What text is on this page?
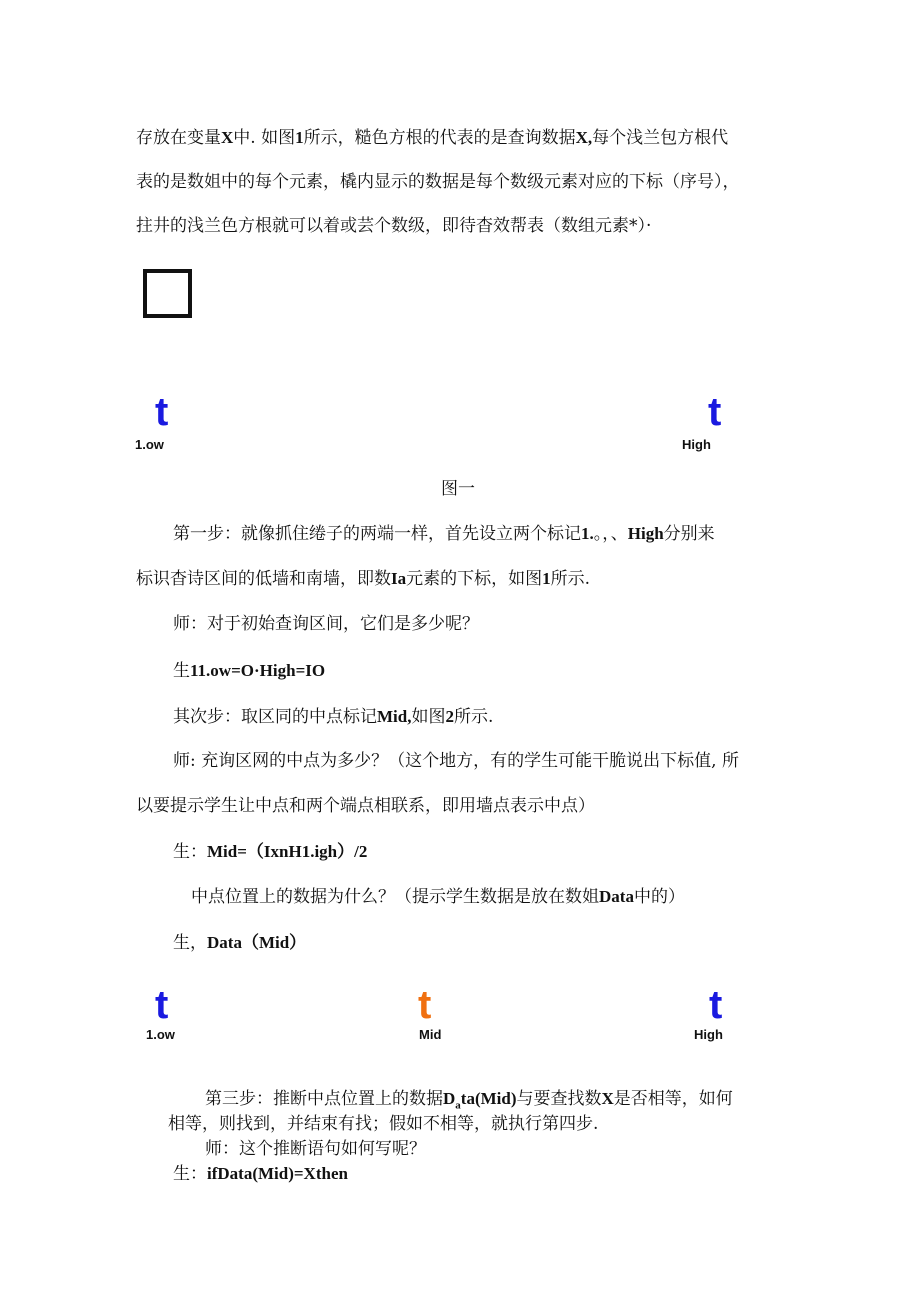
存放在变量X中. 如图1所示，糙色方根的代表的是查询数据X,每个浅兰包方根代
表的是数姐中的每个元素，橇内显示的数据是每个数级元素对应的下标（序号），
拄井的浅兰色方根就可以着或芸个数级，即待杳效帮表（数组元素*）·
t
1.ow
t
High
图一
第一步：就像抓住绻子的两端一样，首先设立两个标记1.。，、High分别来
标识杳诗区间的低墙和南墙，即数Ia元素的下标，如图1所示.
师：对于初始查询区间，它们是多少呢？
生11.ow=O·High=IO
其次步：取区同的中点标记Mid,如图2所示.
师: 充询区网的中点为多少？（这个地方，有的学生可能干脆说出下标值, 所
以要提示学生让中点和两个端点相联系，即用墙点表示中点）
生：Mid=（IxnH1.igh）/2
中点位置上的数据为什么？（提示学生数据是放在数姐Data中的）
生，Data（Mid）
t
1.ow
t
Mid
t
High
第三步：推断中点位置上的数据$D_ata(Mid)$与要查找数X是否相等，如何
相等，则找到，并结束有找；假如不相等，就执行第四步.
师：这个推断语句如何写呢？
生：ifData(Mid)=Xthen
